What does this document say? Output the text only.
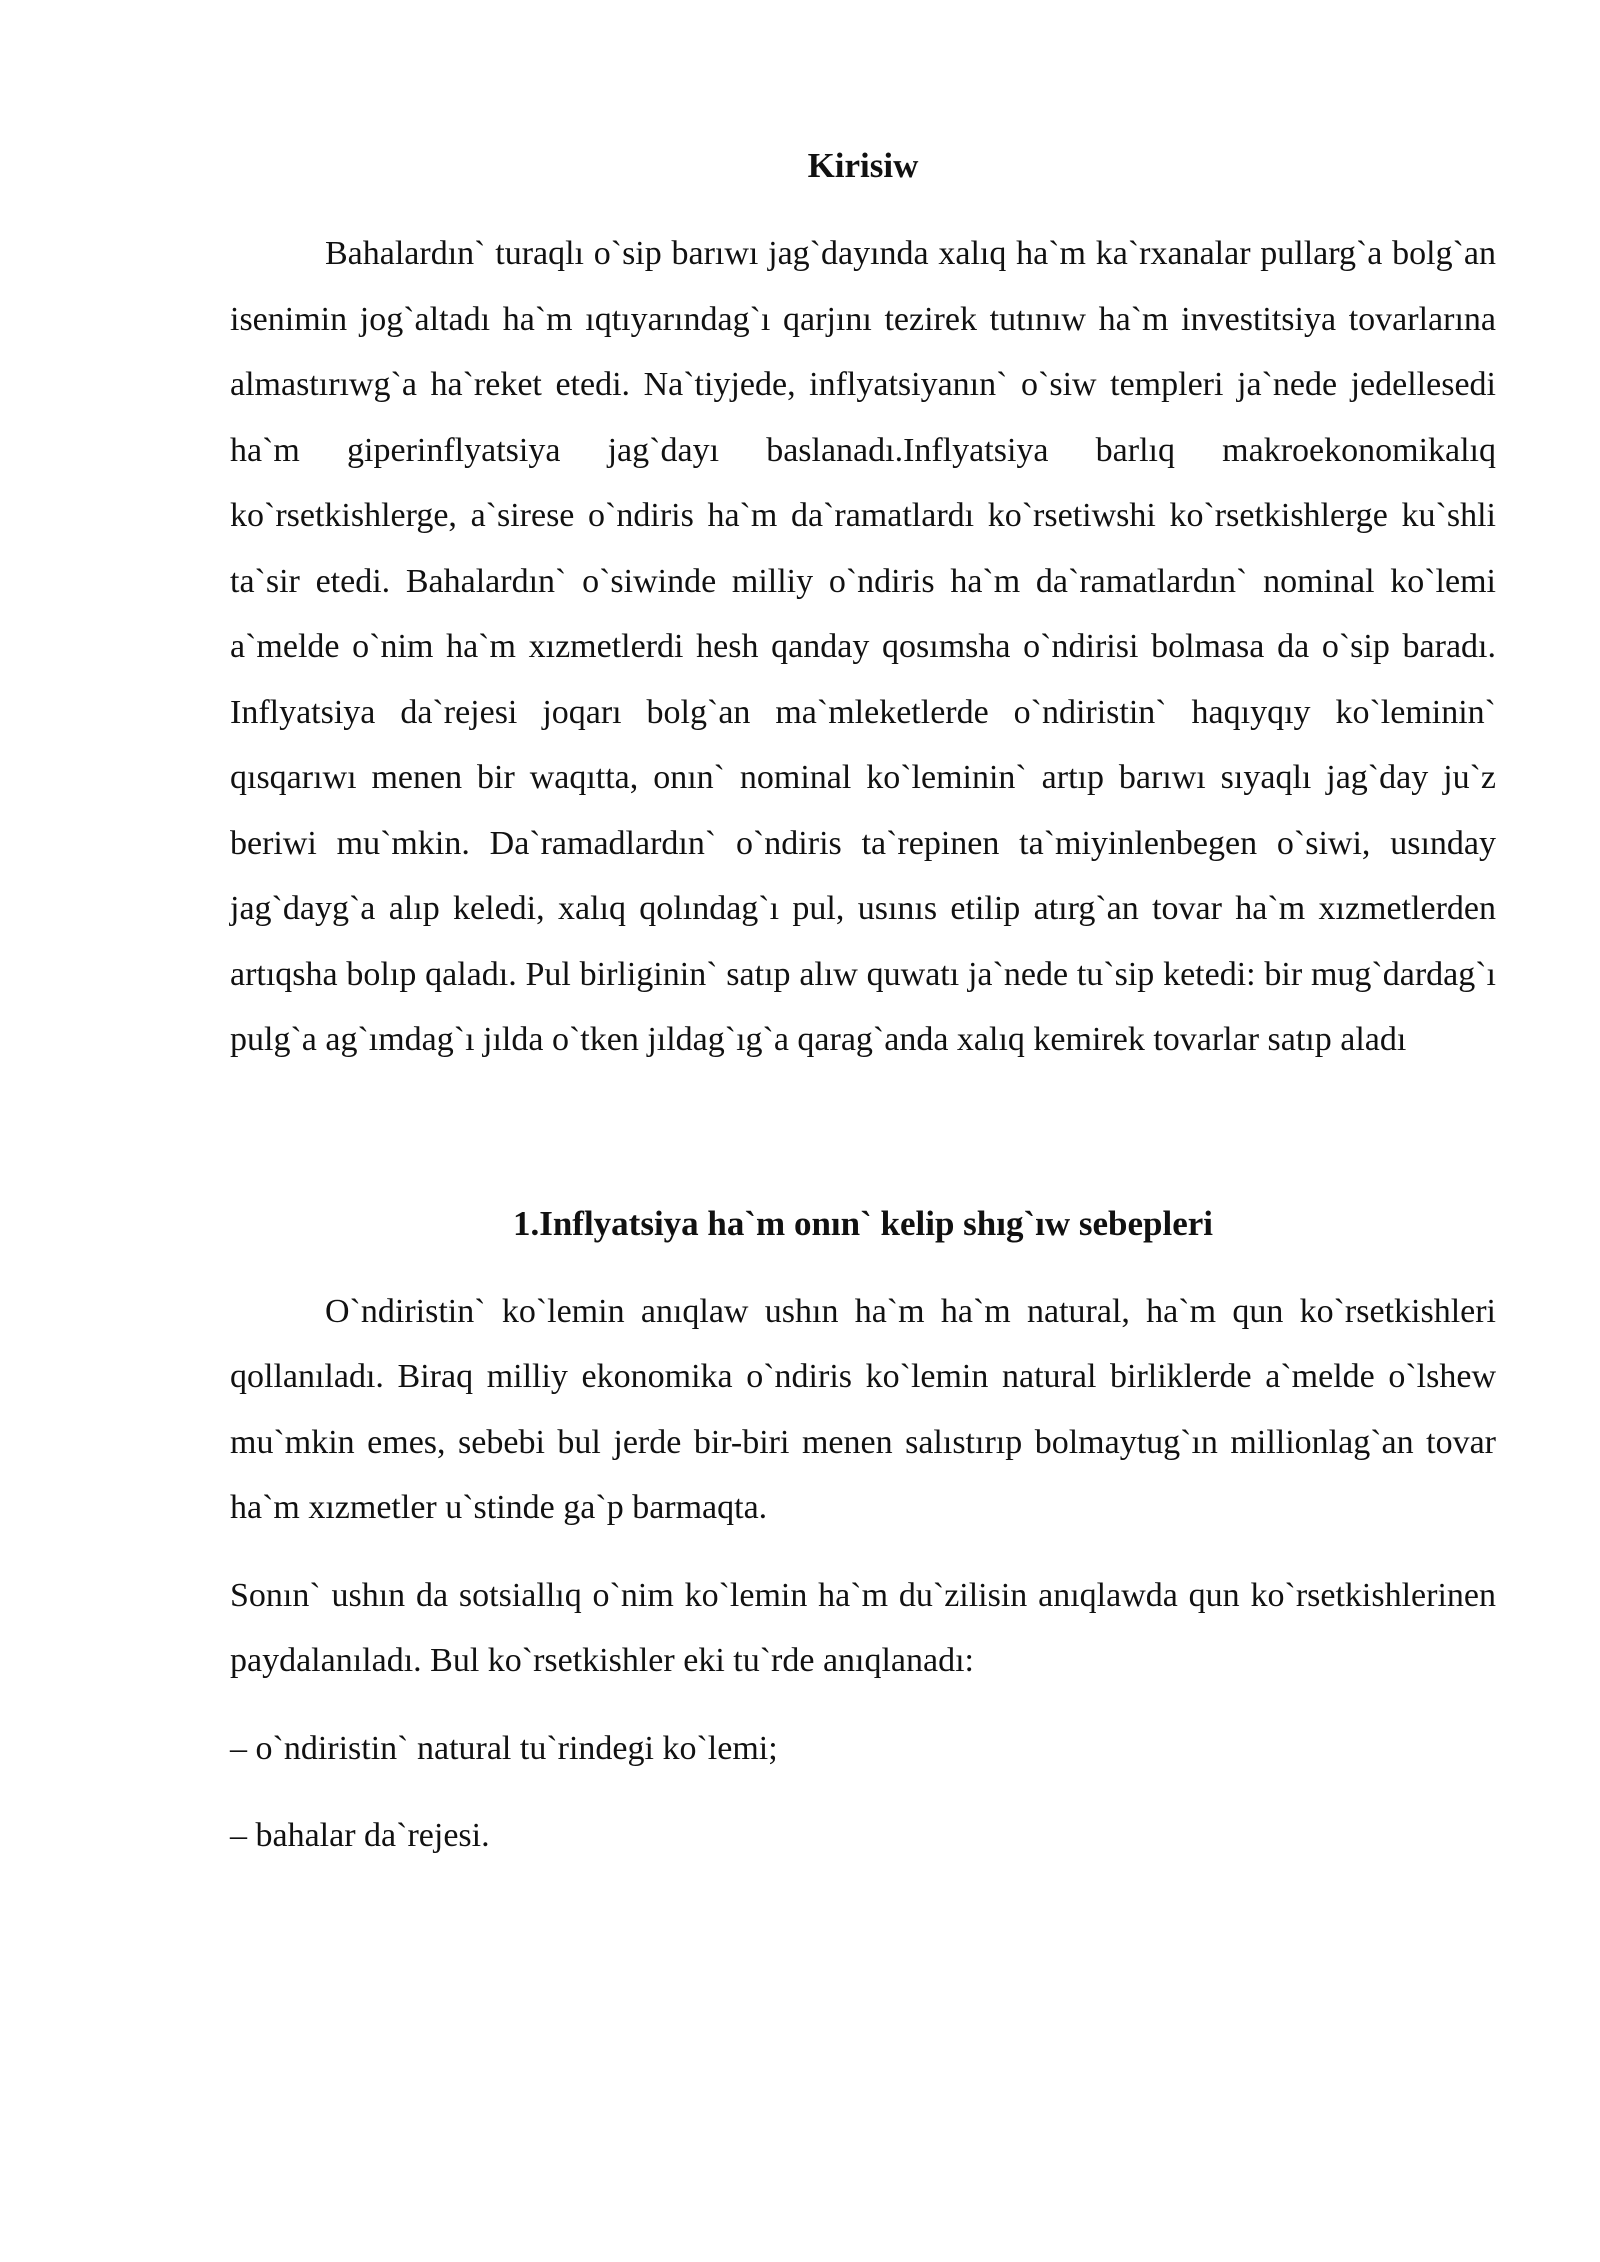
Kirisiw

Bahalardın` turaqlı o`sip barıwı jag`dayında xalıq ha`m ka`rxanalar pullarg`a bolg`an isenimin jog`altadı ha`m ıqtıyarındag`ı qarjını tezirek tutınıw ha`m investitsiya tovarlarına almastırıwg`a ha`reket etedi. Na`tiyjede, inflyatsiyanın` o`siw templeri ja`nede jedellesedi ha`m giperinflyatsiya jag`dayı baslanadı.Inflyatsiya barlıq makroekonomikalıq ko`rsetkishlerge, a`sirese o`ndiris ha`m da`ramatlardı ko`rsetiwshi ko`rsetkishlerge ku`shli ta`sir etedi. Bahalardın` o`siwinde milliy o`ndiris ha`m da`ramatlardın` nominal ko`lemi a`melde o`nim ha`m xızmetlerdi hesh qanday qosımsha o`ndirisi bolmasa da o`sip baradı. Inflyatsiya da`rejesi joqarı bolg`an ma`mleketlerde o`ndiristin` haqıyqıy ko`leminin` qısqarıwı menen bir waqıtta, onın` nominal ko`leminin` artıp barıwı sıyaqlı jag`day ju`z beriwi mu`mkin. Da`ramadlardın` o`ndiris ta`repinen ta`miyinlenbegen o`siwi, usınday jag`dayg`a alıp keledi, xalıq qolındag`ı pul, usınıs etilip atırg`an tovar ha`m xızmetlerden artıqsha bolıp qaladı. Pul birliginin` satıp alıw quwatı ja`nede tu`sip ketedi: bir mug`dardag`ı pulg`a ag`ımdag`ı jılda o`tken jıldag`ıg`a qarag`anda xalıq kemirek tovarlar satıp aladı

1.Inflyatsiya ha`m onın` kelip shıg`ıw sebepleri

O`ndiristin` ko`lemin anıqlaw ushın ha`m ha`m natural, ha`m qun ko`rsetkishleri qollanıladı. Biraq milliy ekonomika o`ndiris ko`lemin natural birliklerde a`melde o`lshew mu`mkin emes, sebebi bul jerde bir-biri menen salıstırıp bolmaytug`ın millionlag`an tovar ha`m xızmetler u`stinde ga`p barmaqta.

Sonın` ushın da sotsiallıq o`nim ko`lemin ha`m du`zilisin anıqlawda qun ko`rsetkishlerinen paydalanıladı. Bul ko`rsetkishler eki tu`rde anıqlanadı:

– o`ndiristin` natural tu`rindegi ko`lemi;

– bahalar da`rejesi.
